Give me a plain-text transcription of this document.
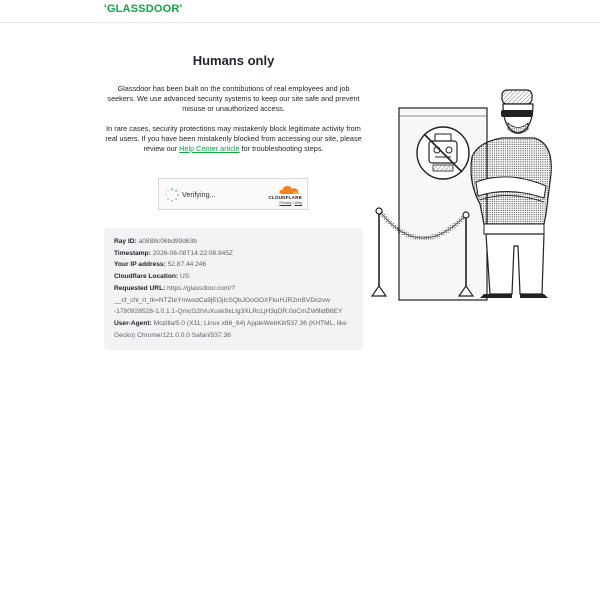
'GLASSDOOR'
Humans only

Glassdoor has been built on the contributions of real employees and job seekers. We use advanced security systems to keep our site safe and prevent misuse or unauthorized access.

In rare cases, security protections may mistakenly block legitimate activity from real users. If you have been mistakenly blocked from accessing our site, please review our Help Center article for troubleshooting steps.

Verifying...	CLOUDFLARE
Privacy • Help
Ray ID: a0888c06bd99d63b
Timestamp: 2026-06-08T14:22:08.845Z
Your IP address: 52.87.44.246
Cloudflare Location: US
Requested URL: https://glassdoor.com/?
__cf_chl_rt_tk=NTZIeYmwsdCa9jEOjIcSQbJGoGOXFkuHJR2mBVDozvw
-1780928528-1.0.1.1-QmcG2tVuXuxk9xLIg3XLRcLjH3qDR.0oCmZW9idB6EY
User-Agent: Mozilla/5.0 (X11; Linux x86_64) AppleWebKit/537.36 (KHTML, like
Gecko) Chrome/121.0.0.0 Safari/537.36
